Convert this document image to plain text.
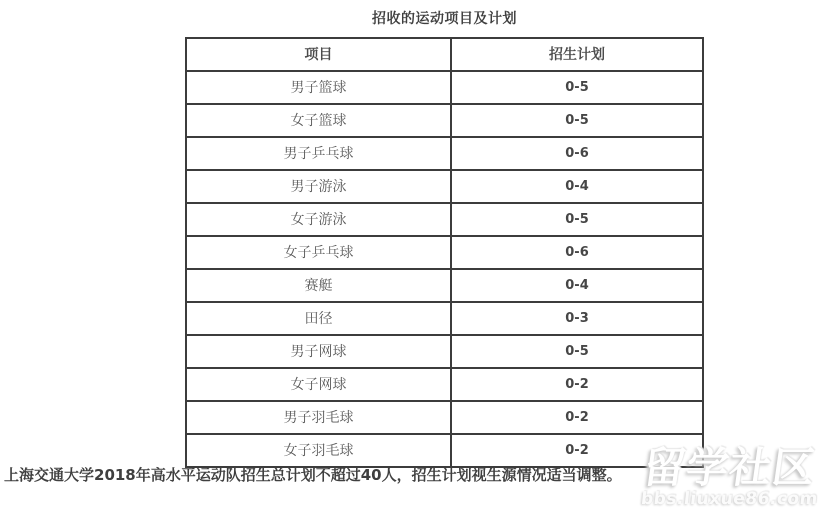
招收的运动项目及计划
项目	招生计划
男子篮球	0-5
女子篮球	0-5
男子乒乓球	0-6
男子游泳	0-4
女子游泳	0-5
女子乒乓球	0-6
赛艇	0-4
田径	0-3
男子网球	0-5
女子网球	0-2
男子羽毛球	0-2
女子羽毛球	0-2
上海交通大学2018年高水平运动队招生总计划不超过40人，招生计划视生源情况适当调整。 留学社区
bbs.liuxue86.com
